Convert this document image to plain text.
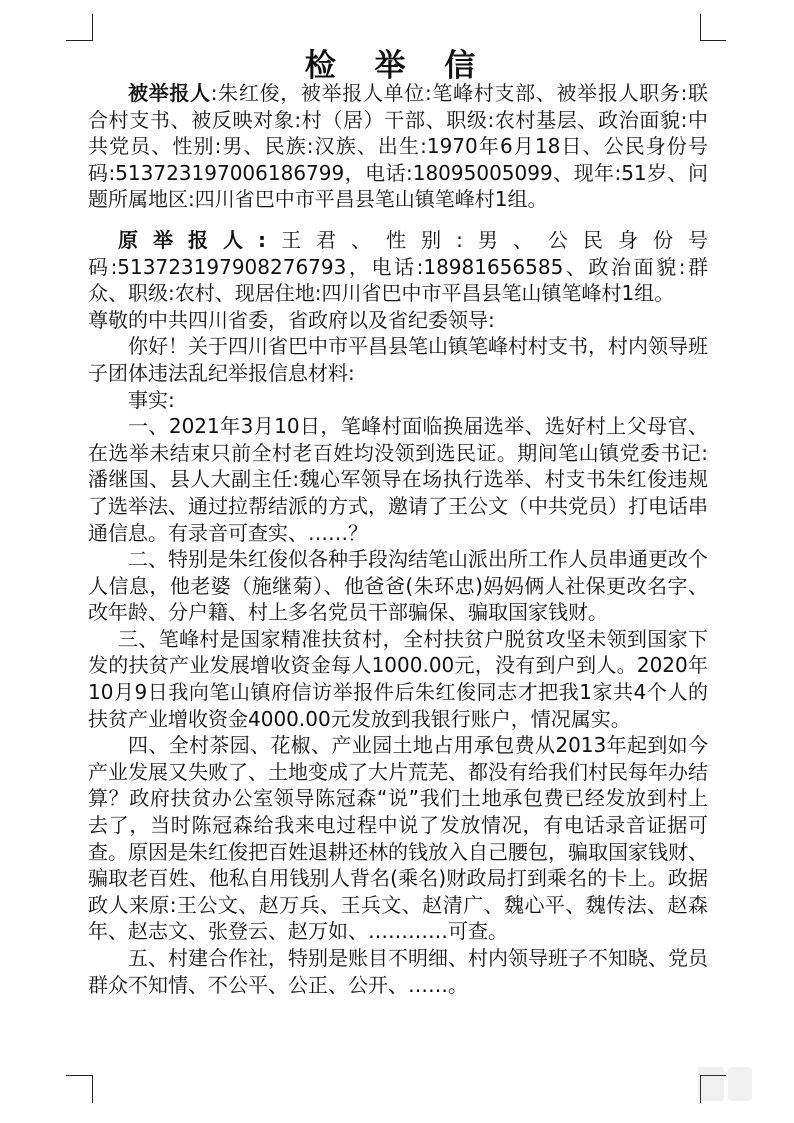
检 举 信

被举报人:朱红俊，被举报人单位:笔峰村支部、被举报人职务:联合村支书、被反映对象:村（居）干部、职级:农村基层、政治面貌:中共党员、性别:男、民族:汉族、出生:1970年6月18日、公民身份号码:513723197006186799，电话:18095005099、现年:51岁、问题所属地区:四川省巴中市平昌县笔山镇笔峰村1组。

原举报人:王君、性别:男、公民身份号码:513723197908276793，电话:18981656585、政治面貌:群众、职级:农村、现居住地:四川省巴中市平昌县笔山镇笔峰村1组。

尊敬的中共四川省委，省政府以及省纪委领导:

你好！关于四川省巴中市平昌县笔山镇笔峰村村支书，村内领导班子团体违法乱纪举报信息材料:

事实:

一、2021年3月10日，笔峰村面临换届选举、选好村上父母官、在选举未结束只前全村老百姓均没领到选民证。期间笔山镇党委书记:潘继国、县人大副主任:魏心军领导在场执行选举、村支书朱红俊违规了选举法、通过拉帮结派的方式，邀请了王公文（中共党员）打电话串通信息。有录音可查实、……？

二、特别是朱红俊似各种手段沟结笔山派出所工作人员串通更改个人信息，他老婆（施继菊）、他爸爸(朱环忠)妈妈俩人社保更改名字、改年龄、分户籍、村上多名党员干部骗保、骗取国家钱财。

三、笔峰村是国家精准扶贫村，全村扶贫户脱贫攻坚未领到国家下发的扶贫产业发展增收资金每人1000.00元，没有到户到人。2020年10月9日我向笔山镇府信访举报件后朱红俊同志才把我1家共4个人的扶贫产业增收资金4000.00元发放到我银行账户，情况属实。

四、全村茶园、花椒、产业园土地占用承包费从2013年起到如今产业发展又失败了、土地变成了大片荒芜、都没有给我们村民每年办结算？政府扶贫办公室领导陈冠森“说”我们土地承包费已经发放到村上去了，当时陈冠森给我来电过程中说了发放情况，有电话录音证据可查。原因是朱红俊把百姓退耕还林的钱放入自己腰包，骗取国家钱财、骗取老百姓、他私自用钱别人背名(乘名)财政局打到乘名的卡上。政据政人来原:王公文、赵万兵、王兵文、赵清广、魏心平、魏传法、赵森年、赵志文、张登云、赵万如、…………可查。

五、村建合作社，特别是账目不明细、村内领导班子不知晓、党员群众不知情、不公平、公正、公开、……。
